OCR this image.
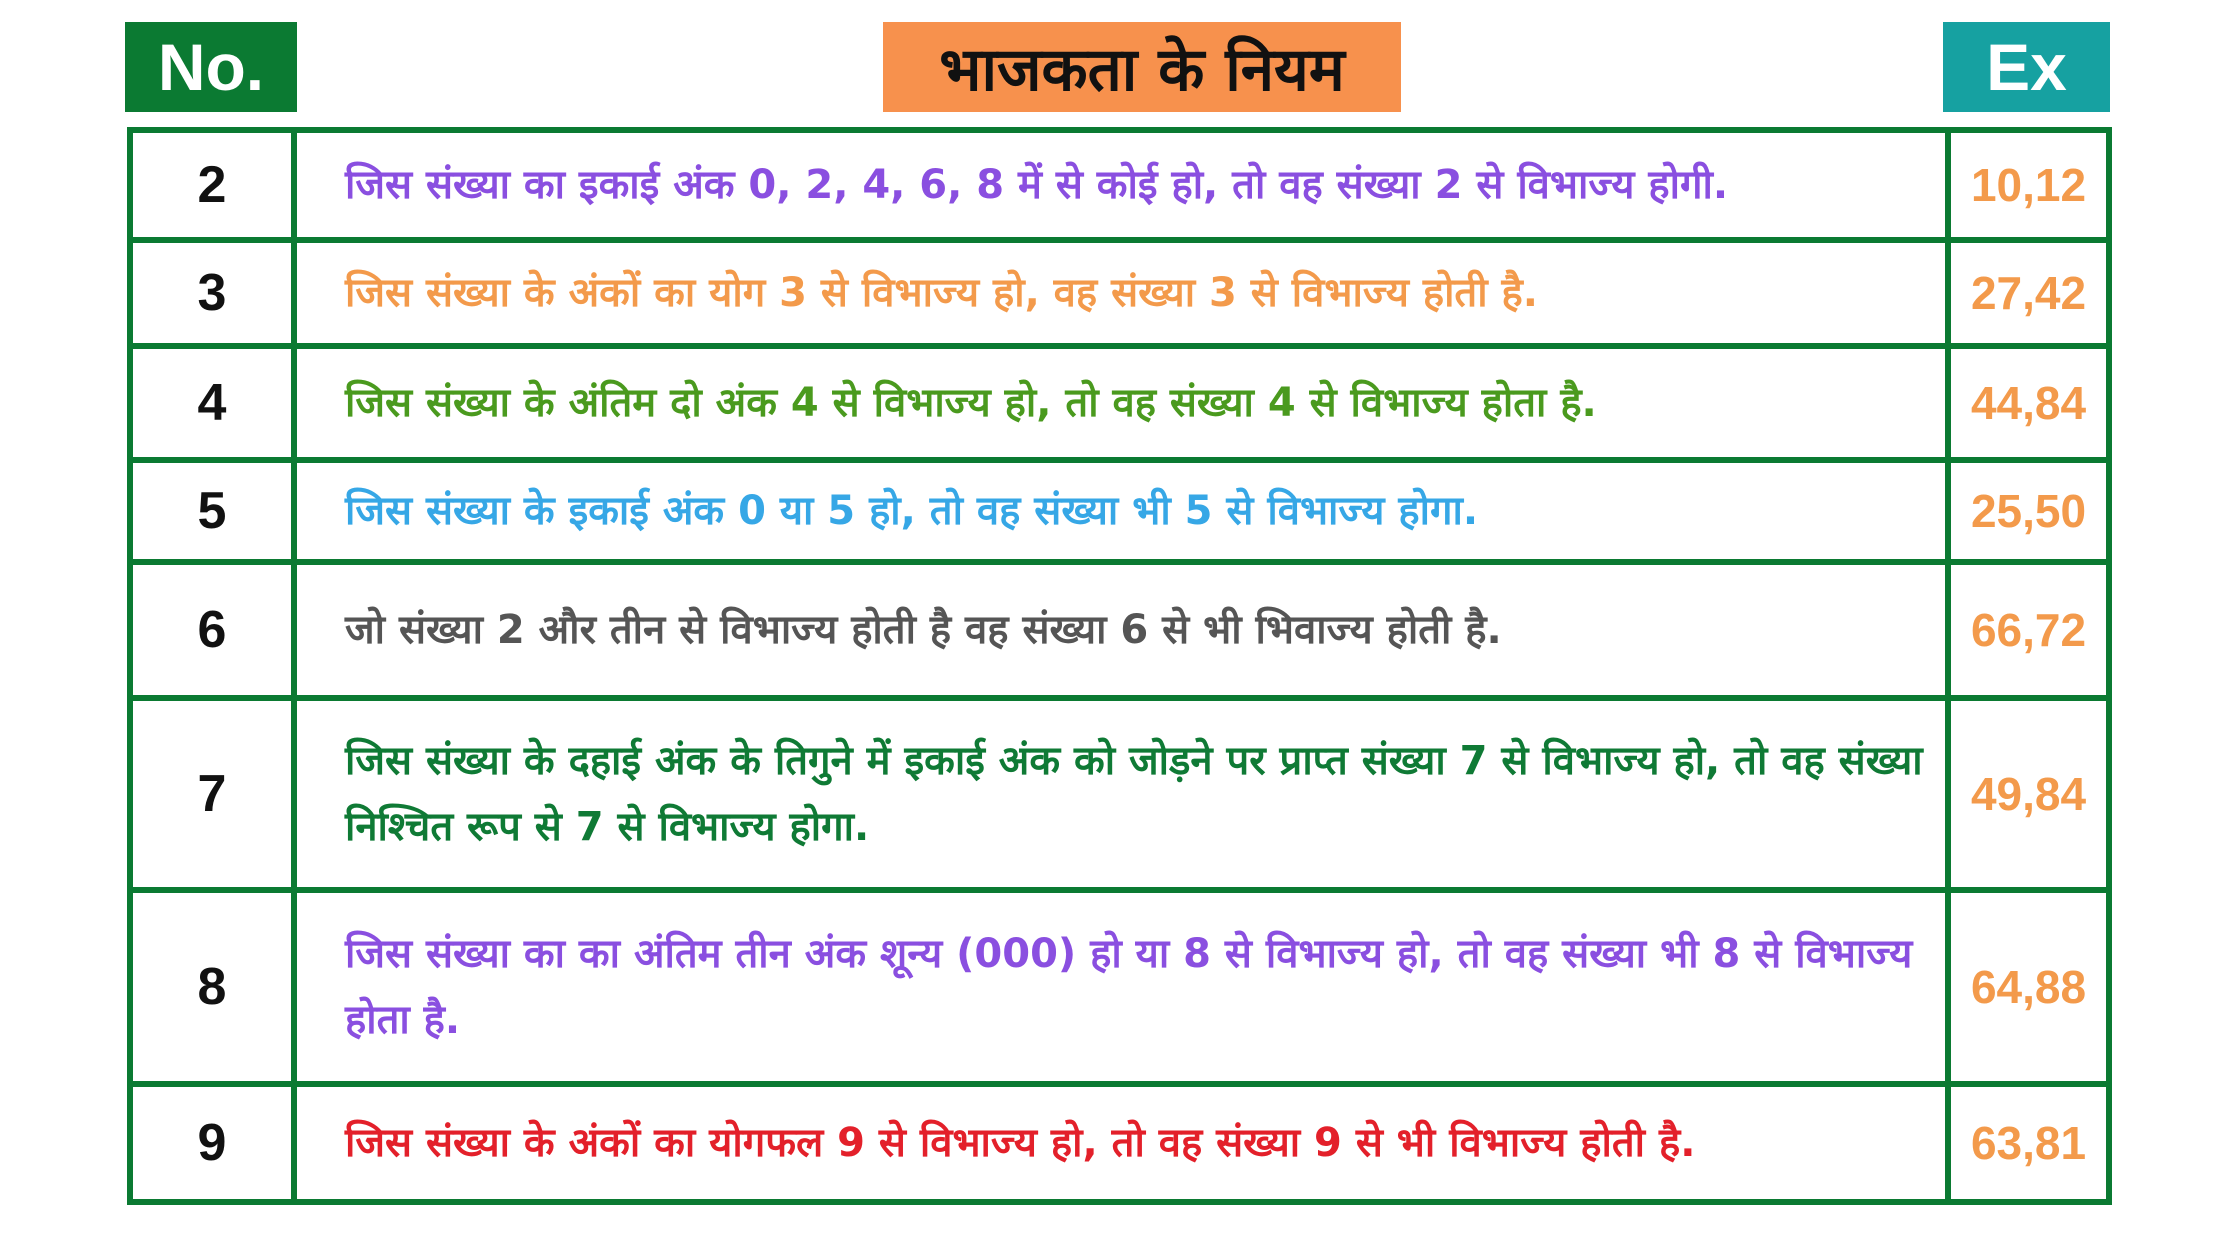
No.	भाजकता के नियम	Ex
2	जिस संख्या का इकाई अंक 0, 2, 4, 6, 8 में से कोई हो, तो वह संख्या 2 से विभाज्य होगी.	10,12
3	जिस संख्या के अंकों का योग 3 से विभाज्य हो, वह संख्या 3 से विभाज्य होती है.	27,42
4	जिस संख्या के अंतिम दो अंक 4 से विभाज्य हो, तो वह संख्या 4 से विभाज्य होता है.	44,84
5	जिस संख्या के इकाई अंक 0 या 5 हो, तो वह संख्या भी 5 से विभाज्य होगा.	25,50
6	जो संख्या 2 और तीन से विभाज्य होती है वह संख्या 6 से भी भिवाज्य होती है.	66,72
7	जिस संख्या के दहाई अंक के तिगुने में इकाई अंक को जोड़ने पर प्राप्त संख्या 7 से विभाज्य हो, तो वह संख्या निश्चित रूप से 7 से विभाज्य होगा.	49,84
8	जिस संख्या का का अंतिम तीन अंक शून्य (000) हो या 8 से विभाज्य हो, तो वह संख्या भी 8 से विभाज्य होता है.	64,88
9	जिस संख्या के अंकों का योगफल 9 से विभाज्य हो, तो वह संख्या 9 से भी विभाज्य होती है.	63,81
